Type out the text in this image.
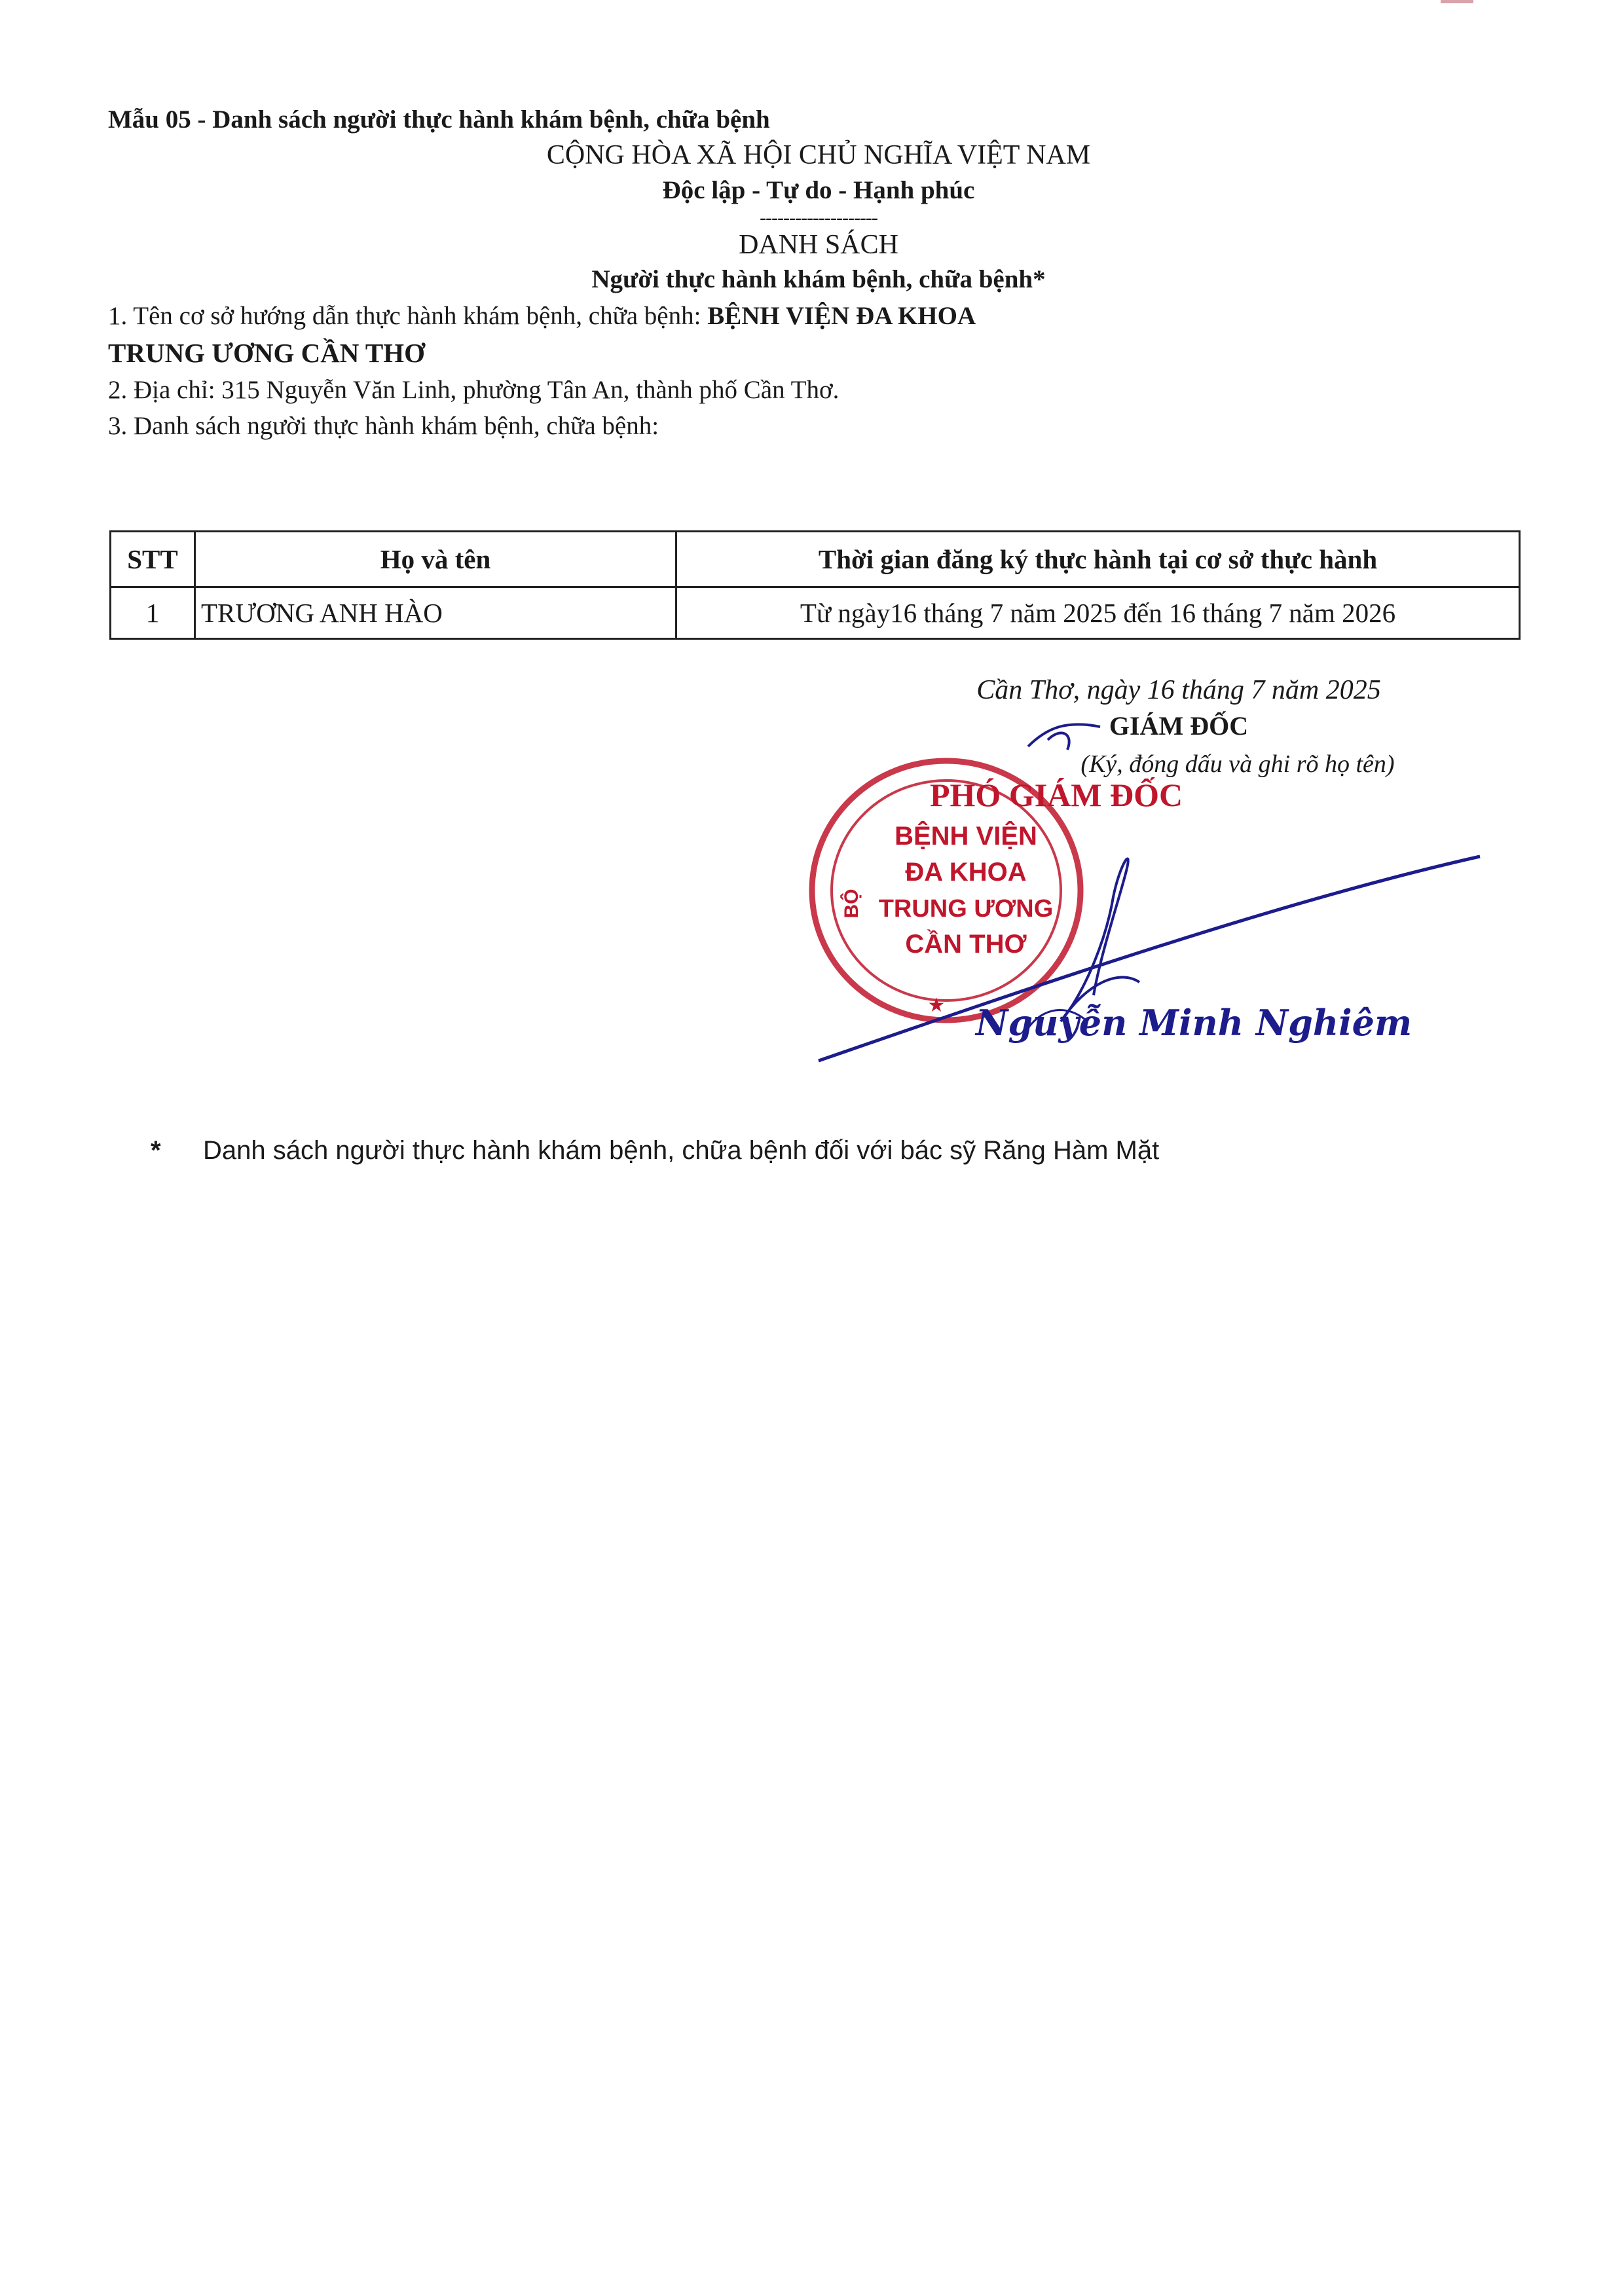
Mẫu 05 - Danh sách người thực hành khám bệnh, chữa bệnh
CỘNG HÒA XÃ HỘI CHỦ NGHĨA VIỆT NAM
Độc lập - Tự do - Hạnh phúc
--------------------
DANH SÁCH
Người thực hành khám bệnh, chữa bệnh*
1. Tên cơ sở hướng dẫn thực hành khám bệnh, chữa bệnh: BỆNH VIỆN ĐA KHOA
TRUNG ƯƠNG CẦN THƠ
2. Địa chỉ: 315 Nguyễn Văn Linh, phường Tân An, thành phố Cần Thơ.
3. Danh sách người thực hành khám bệnh, chữa bệnh:
STT	Họ và tên	Thời gian đăng ký thực hành tại cơ sở thực hành
1	TRƯƠNG ANH HÀO	Từ ngày16 tháng 7 năm 2025 đến 16 tháng 7 năm 2026
Cần Thơ, ngày 16 tháng 7 năm 2025
GIÁM ĐỐC
(Ký, đóng dấu và ghi rõ họ tên)
BỆNH VIỆN
ĐA KHOA
TRUNG ƯƠNG
CẦN THƠ
BỘ
★
PHÓ GIÁM ĐỐC
Nguyễn Minh Nghiêm
* Danh sách người thực hành khám bệnh, chữa bệnh đối với bác sỹ Răng Hàm Mặt
